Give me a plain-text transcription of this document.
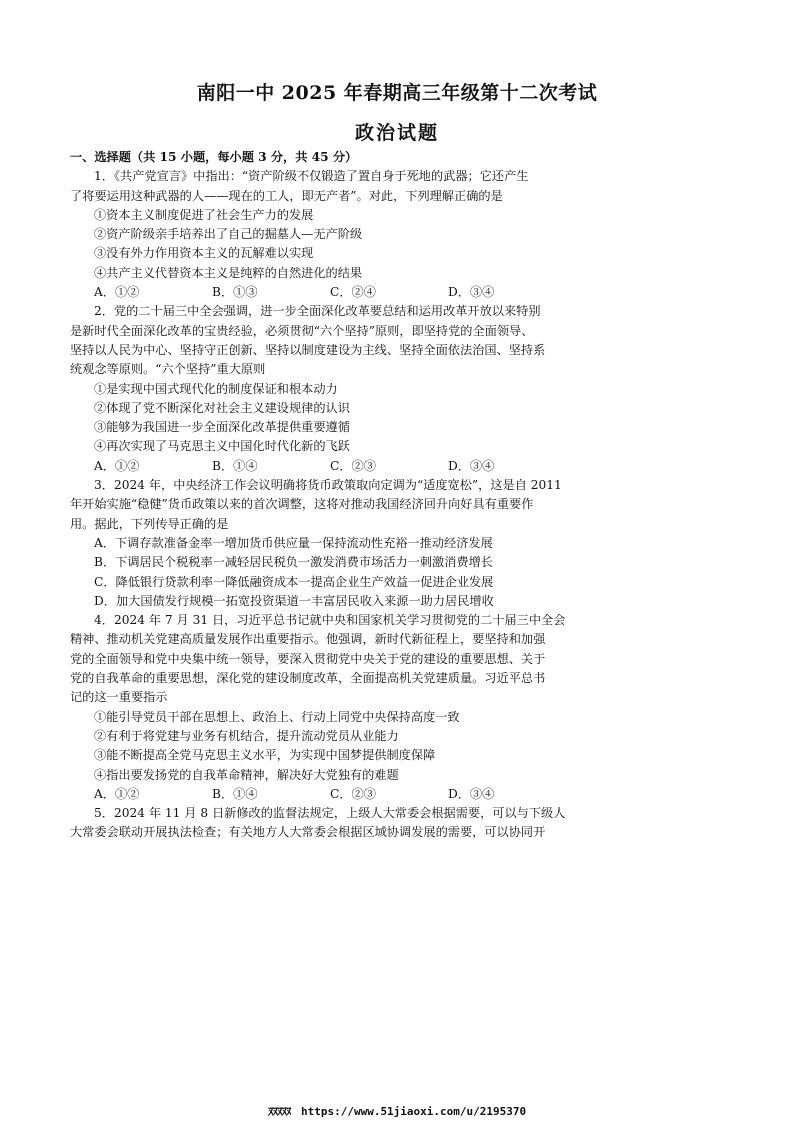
南阳一中 2025 年春期高三年级第十二次考试
政治试题
一、选择题（共 15 小题，每小题 3 分，共 45 分）
1．《共产党宣言》中指出：“资产阶级不仅锻造了置自身于死地的武器；它还产生
了将要运用这种武器的人——现在的工人，即无产者”。对此，下列理解正确的是
①资本主义制度促进了社会生产力的发展
②资产阶级亲手培养出了自己的掘墓人—无产阶级
③没有外力作用资本主义的瓦解难以实现
④共产主义代替资本主义是纯粹的自然进化的结果
A．①②	B．①③	C．②④	D．③④
2．党的二十届三中全会强调，进一步全面深化改革要总结和运用改革开放以来特别
是新时代全面深化改革的宝贵经验，必须贯彻“六个坚持”原则，即坚持党的全面领导、
坚持以人民为中心、坚持守正创新、坚持以制度建设为主线、坚持全面依法治国、坚持系
统观念等原则。“六个坚持”重大原则
①是实现中国式现代化的制度保证和根本动力
②体现了党不断深化对社会主义建设规律的认识
③能够为我国进一步全面深化改革提供重要遵循
④再次实现了马克思主义中国化时代化新的飞跃
A．①②	B．①④	C．②③	D．③④
3．2024 年，中央经济工作会议明确将货币政策取向定调为“适度宽松”，这是自 2011
年开始实施“稳健”货币政策以来的首次调整，这将对推动我国经济回升向好具有重要作
用。据此，下列传导正确的是
A．下调存款准备金率一增加货币供应量一保持流动性充裕一推动经济发展
B．下调居民个税税率一减轻居民税负一激发消费市场活力一刺激消费增长
C．降低银行贷款利率一降低融资成本一提高企业生产效益一促进企业发展
D．加大国债发行规模一拓宽投资渠道一丰富居民收入来源一助力居民增收
4．2024 年 7 月 31 日，习近平总书记就中央和国家机关学习贯彻党的二十届三中全会
精神、推动机关党建高质量发展作出重要指示。他强调，新时代新征程上，要坚持和加强
党的全面领导和党中央集中统一领导，要深入贯彻党中央关于党的建设的重要思想、关于
党的自我革命的重要思想，深化党的建设制度改革，全面提高机关党建质量。习近平总书
记的这一重要指示
①能引导党员干部在思想上、政治上、行动上同党中央保持高度一致
②有利于将党建与业务有机结合，提升流动党员从业能力
③能不断提高全党马克思主义水平，为实现中国梦提供制度保障
④指出要发扬党的自我革命精神，解决好大党独有的难题
A．①②	B．①④	C．②③	D．③④
5．2024 年 11 月 8 日新修改的监督法规定，上级人大常委会根据需要，可以与下级人
大常委会联动开展执法检查；有关地方人大常委会根据区域协调发展的需要，可以协同开
ﾇﾇﾇﾇﾇ https://www.51jiaoxi.com/u/2195370
